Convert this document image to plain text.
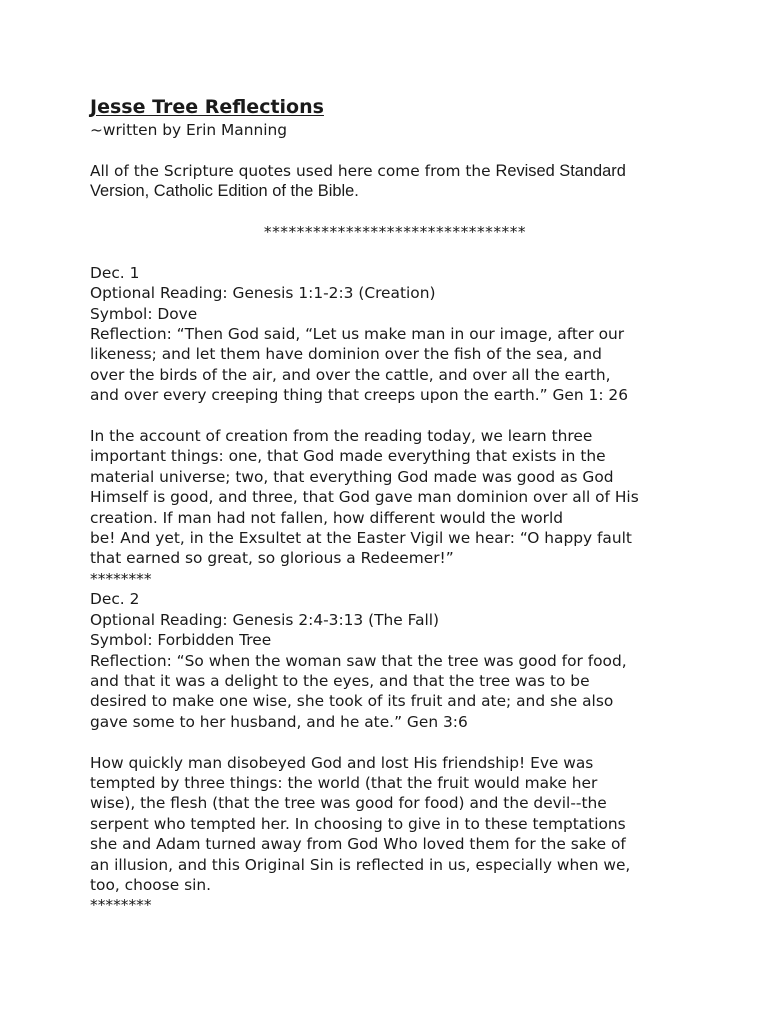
Jesse Tree Reflections

~written by Erin Manning

All of the Scripture quotes used here come from the Revised Standard

Version, Catholic Edition of the Bible.

********************************

Dec. 1

Optional Reading: Genesis 1:1-2:3 (Creation)

Symbol: Dove

Reflection: “Then God said, “Let us make man in our image, after our

likeness; and let them have dominion over the fish of the sea, and

over the birds of the air, and over the cattle, and over all the earth,

and over every creeping thing that creeps upon the earth.” Gen 1: 26

In the account of creation from the reading today, we learn three

important things: one, that God made everything that exists in the

material universe; two, that everything God made was good as God

Himself is good, and three, that God gave man dominion over all of His

creation. If man had not fallen, how different would the world

be! And yet, in the Exsultet at the Easter Vigil we hear: “O happy fault

that earned so great, so glorious a Redeemer!”

********

Dec. 2

Optional Reading: Genesis 2:4-3:13 (The Fall)

Symbol: Forbidden Tree

Reflection: “So when the woman saw that the tree was good for food,

and that it was a delight to the eyes, and that the tree was to be

desired to make one wise, she took of its fruit and ate; and she also

gave some to her husband, and he ate.” Gen 3:6

How quickly man disobeyed God and lost His friendship! Eve was

tempted by three things: the world (that the fruit would make her

wise), the flesh (that the tree was good for food) and the devil--the

serpent who tempted her. In choosing to give in to these temptations

she and Adam turned away from God Who loved them for the sake of

an illusion, and this Original Sin is reflected in us, especially when we,

too, choose sin.

********
